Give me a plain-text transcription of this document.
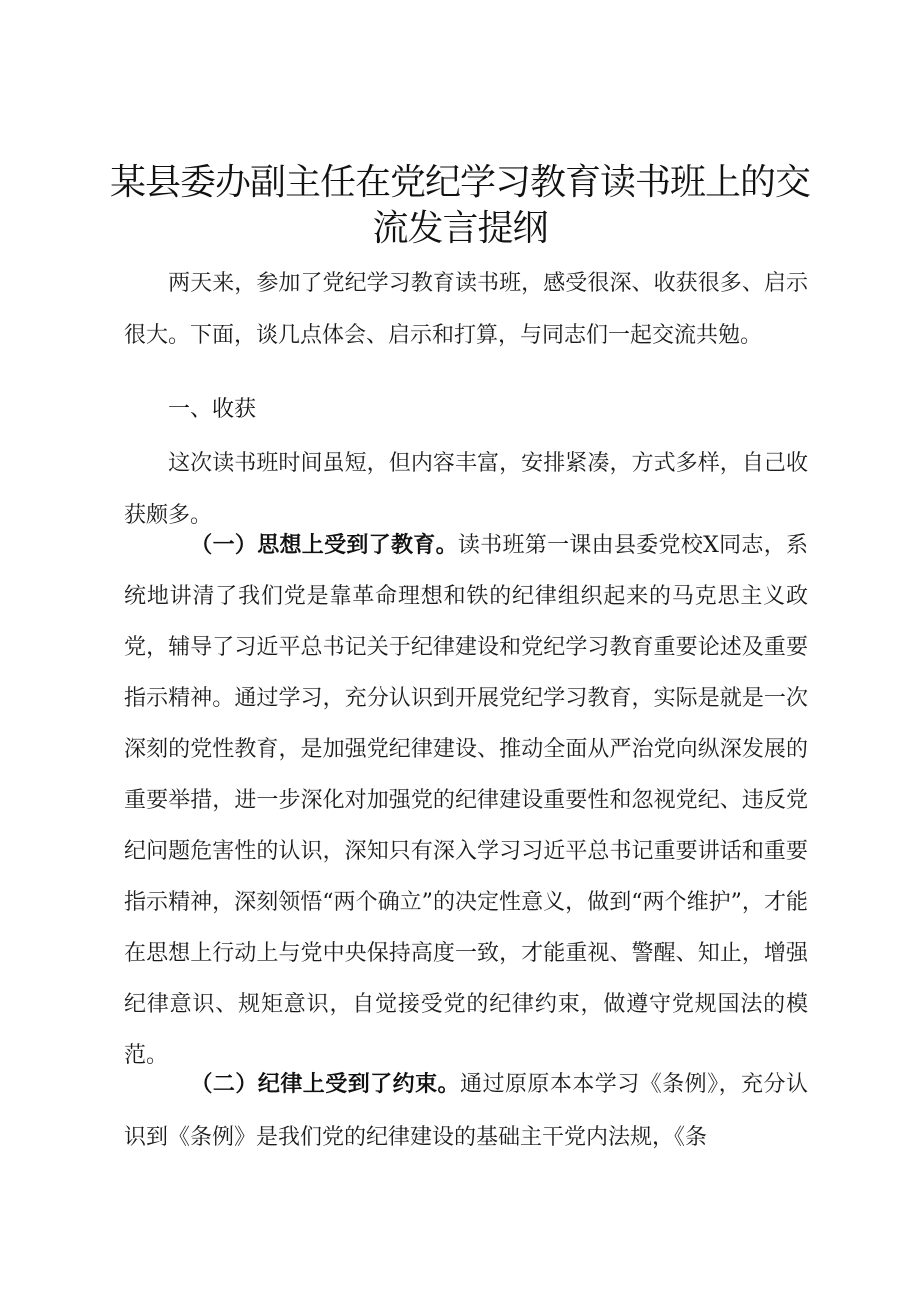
某县委办副主任在党纪学习教育读书班上的交
流发言提纲

两天来，参加了党纪学习教育读书班，感受很深、收获很多、启示很大。下面，谈几点体会、启示和打算，与同志们一起交流共勉。

一、收获

这次读书班时间虽短，但内容丰富，安排紧凑，方式多样，自己收获颇多。

（一）思想上受到了教育。读书班第一课由县委党校X同志，系统地讲清了我们党是靠革命理想和铁的纪律组织起来的马克思主义政党，辅导了习近平总书记关于纪律建设和党纪学习教育重要论述及重要指示精神。通过学习，充分认识到开展党纪学习教育，实际是就是一次深刻的党性教育，是加强党纪律建设、推动全面从严治党向纵深发展的重要举措，进一步深化对加强党的纪律建设重要性和忽视党纪、违反党纪问题危害性的认识，深知只有深入学习习近平总书记重要讲话和重要指示精神，深刻领悟“两个确立”的决定性意义，做到“两个维护”，才能在思想上行动上与党中央保持高度一致，才能重视、警醒、知止，增强纪律意识、规矩意识，自觉接受党的纪律约束，做遵守党规国法的模范。

（二）纪律上受到了约束。通过原原本本学习《条例》，充分认识到《条例》是我们党的纪律建设的基础主干党内法规，《条
